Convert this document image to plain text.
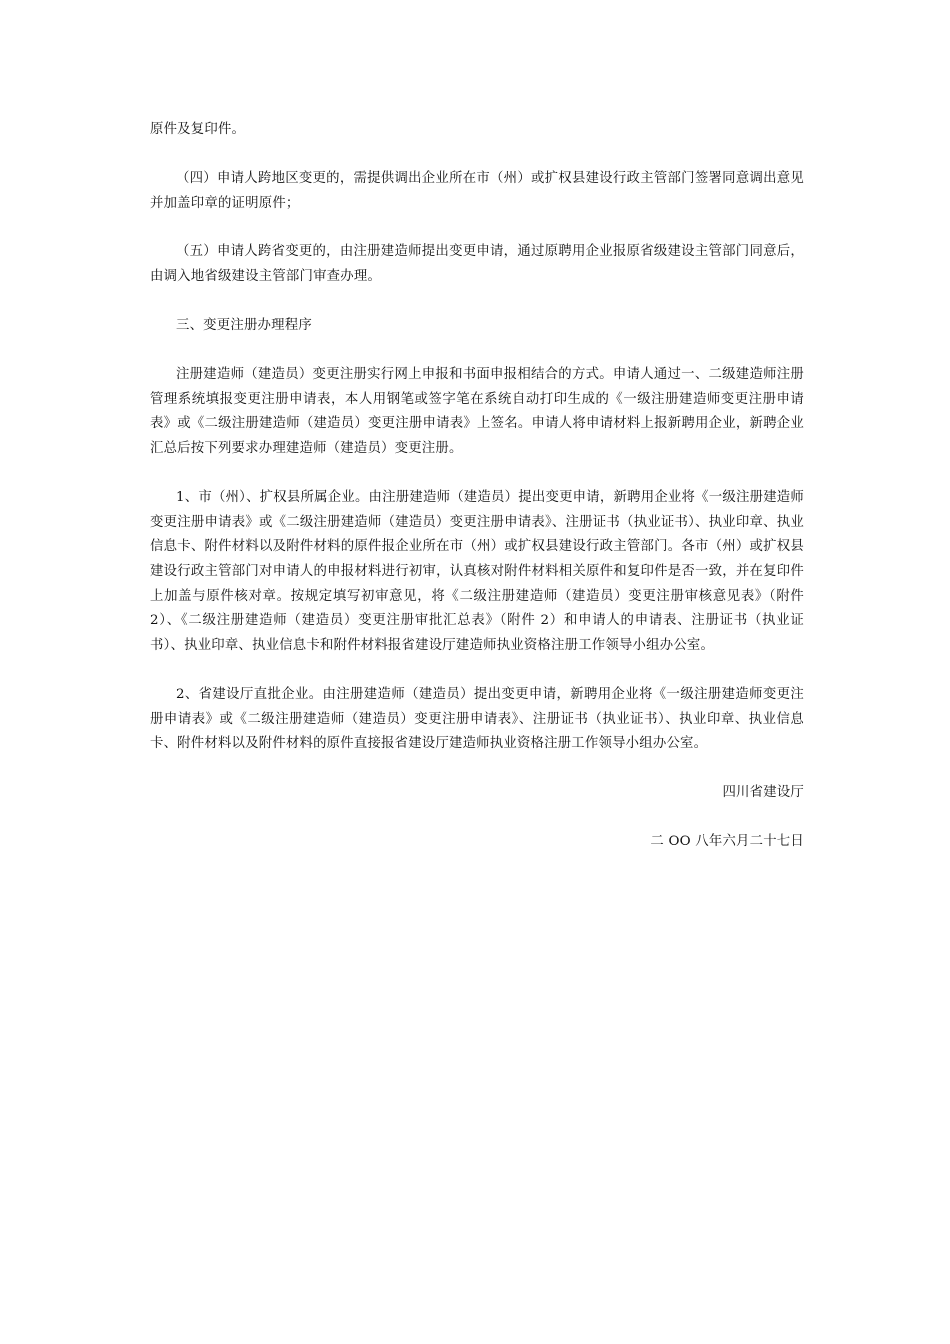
原件及复印件。

（四）申请人跨地区变更的，需提供调出企业所在市（州）或扩权县建设行政主管部门签署同意调出意见并加盖印章的证明原件；

（五）申请人跨省变更的，由注册建造师提出变更申请，通过原聘用企业报原省级建设主管部门同意后，由调入地省级建设主管部门审查办理。

三、变更注册办理程序

注册建造师（建造员）变更注册实行网上申报和书面申报相结合的方式。申请人通过一、二级建造师注册管理系统填报变更注册申请表，本人用钢笔或签字笔在系统自动打印生成的《一级注册建造师变更注册申请表》或《二级注册建造师（建造员）变更注册申请表》上签名。申请人将申请材料上报新聘用企业，新聘企业汇总后按下列要求办理建造师（建造员）变更注册。

1、市（州）、扩权县所属企业。由注册建造师（建造员）提出变更申请，新聘用企业将《一级注册建造师变更注册申请表》或《二级注册建造师（建造员）变更注册申请表》、注册证书（执业证书）、执业印章、执业信息卡、附件材料以及附件材料的原件报企业所在市（州）或扩权县建设行政主管部门。各市（州）或扩权县建设行政主管部门对申请人的申报材料进行初审，认真核对附件材料相关原件和复印件是否一致，并在复印件上加盖与原件核对章。按规定填写初审意见，将《二级注册建造师（建造员）变更注册审核意见表》（附件 2）、《二级注册建造师（建造员）变更注册审批汇总表》（附件 2）和申请人的申请表、注册证书（执业证书）、执业印章、执业信息卡和附件材料报省建设厅建造师执业资格注册工作领导小组办公室。

2、省建设厅直批企业。由注册建造师（建造员）提出变更申请，新聘用企业将《一级注册建造师变更注册申请表》或《二级注册建造师（建造员）变更注册申请表》、注册证书（执业证书）、执业印章、执业信息卡、附件材料以及附件材料的原件直接报省建设厅建造师执业资格注册工作领导小组办公室。

四川省建设厅

二 OO 八年六月二十七日
